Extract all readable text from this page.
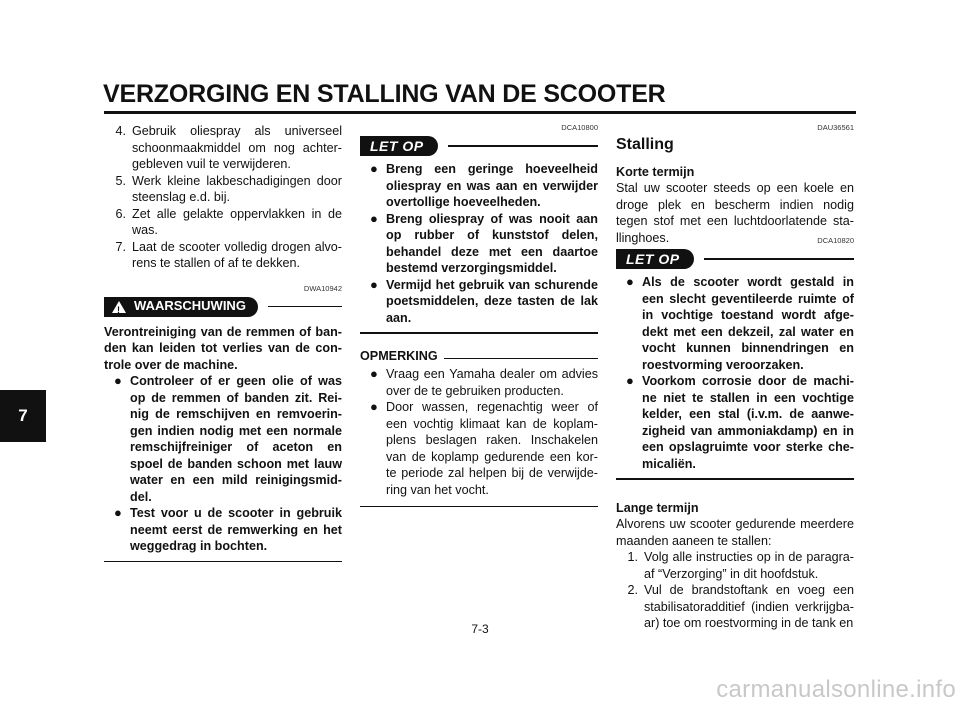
VERZORGING EN STALLING VAN DE SCOOTER
7
4. Gebruik oliespray als universeel schoonmaakmiddel om nog achter- gebleven vuil te verwijderen.
5. Werk kleine lakbeschadigingen door steenslag e.d. bij.
6. Zet alle gelakte oppervlakken in de was.
7. Laat de scooter volledig drogen alvo- rens te stallen of af te dekken.
DWA10942
!
WAARSCHUWING
Verontreiniging van de remmen of ban- den kan leiden tot verlies van de con- trole over de machine.
● Controleer of er geen olie of was op de remmen of banden zit. Rei- nig de remschijven en remvoerin- gen indien nodig met een normale remschijfreiniger of aceton en spoel de banden schoon met lauw water en een mild reinigingsmid- del.
● Test voor u de scooter in gebruik neemt eerst de remwerking en het weggedrag in bochten.
DCA10800
LET OP
● Breng een geringe hoeveelheid oliespray en was aan en verwijder overtollige hoeveelheden.
● Breng oliespray of was nooit aan op rubber of kunststof delen, behandel deze met een daartoe bestemd verzorgingsmiddel.
● Vermijd het gebruik van schurende poetsmiddelen, deze tasten de lak aan.
OPMERKING
● Vraag een Yamaha dealer om advies over de te gebruiken producten.
● Door wassen, regenachtig weer of een vochtig klimaat kan de koplam- plens beslagen raken. Inschakelen van de koplamp gedurende een kor- te periode zal helpen bij de verwijde- ring van het vocht.
DAU36561
Stalling
Korte termijn
Stal uw scooter steeds op een koele en droge plek en bescherm indien nodig tegen stof met een luchtdoorlatende sta- llinghoes.	DCA10820
LET OP
● Als de scooter wordt gestald in een slecht geventileerde ruimte of in vochtige toestand wordt afge- dekt met een dekzeil, zal water en vocht kunnen binnendringen en roestvorming veroorzaken.
● Voorkom corrosie door de machi- ne niet te stallen in een vochtige kelder, een stal (i.v.m. de aanwe- zigheid van ammoniakdamp) en in een opslagruimte voor sterke che- micaliën.
Lange termijn
Alvorens uw scooter gedurende meerdere maanden aaneen te stallen:
1. Volg alle instructies op in de paragra- af “Verzorging” in dit hoofdstuk.
2. Vul de brandstoftank en voeg een stabilisatoradditief (indien verkrijgba- ar) toe om roestvorming in de tank en
7-3
carmanualsonline.info
